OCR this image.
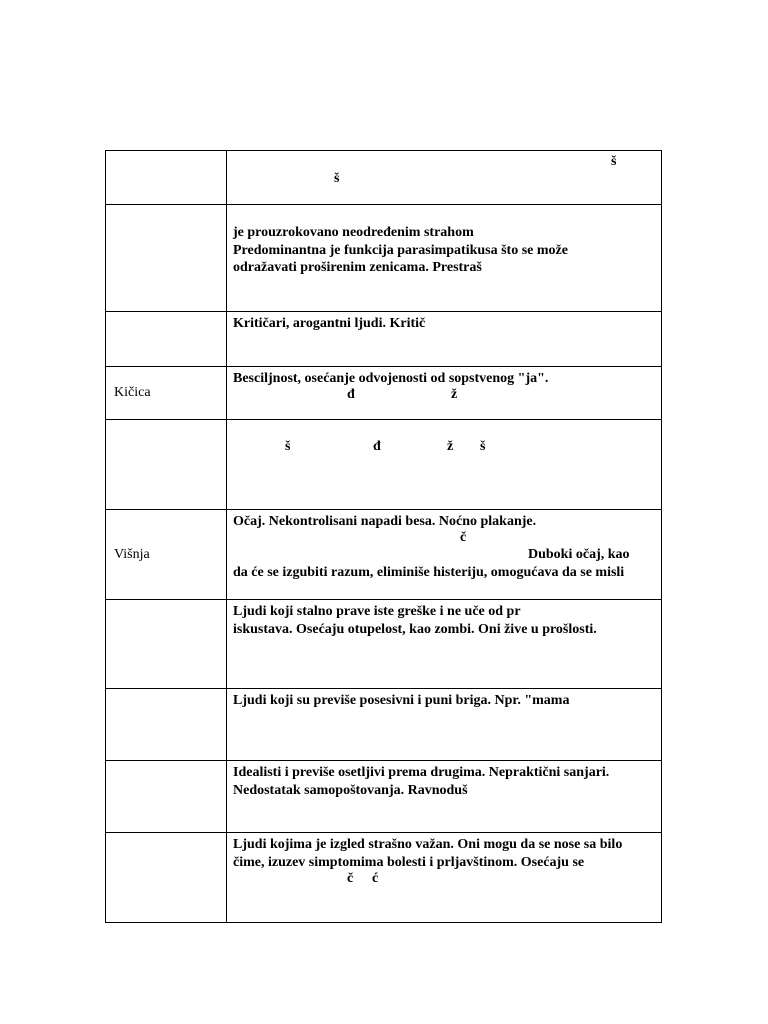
	š
š

	je prouzrokovano neodređenim strahom
Predominantna je funkcija parasimpatikusa što se može
odražavati proširenim zenicama. Prestraš

	Kritičari, arogantni ljudi. Kritič

Kičica	Besciljnost, osećanje odvojenosti od sopstvenog "ja".
đ ž

	š đ ž š

Višnja	Očaj. Nekontrolisani napadi besa. Noćno plakanje.
č
Duboki očaj, kao
da će se izgubiti razum, eliminiše histeriju, omogućava da se misli

	Ljudi koji stalno prave iste greške i ne uče od pr
iskustava. Osećaju otupelost, kao zombi. Oni žive u prošlosti.

	Ljudi koji su previše posesivni i puni briga. Npr. "mama

	Idealisti i previše osetljivi prema drugima. Nepraktični sanjari.
Nedostatak samopoštovanja. Ravnoduš

	Ljudi kojima je izgled strašno važan. Oni mogu da se nose sa bilo
čime, izuzev simptomima bolesti i prljavštinom. Osećaju se
č ć
